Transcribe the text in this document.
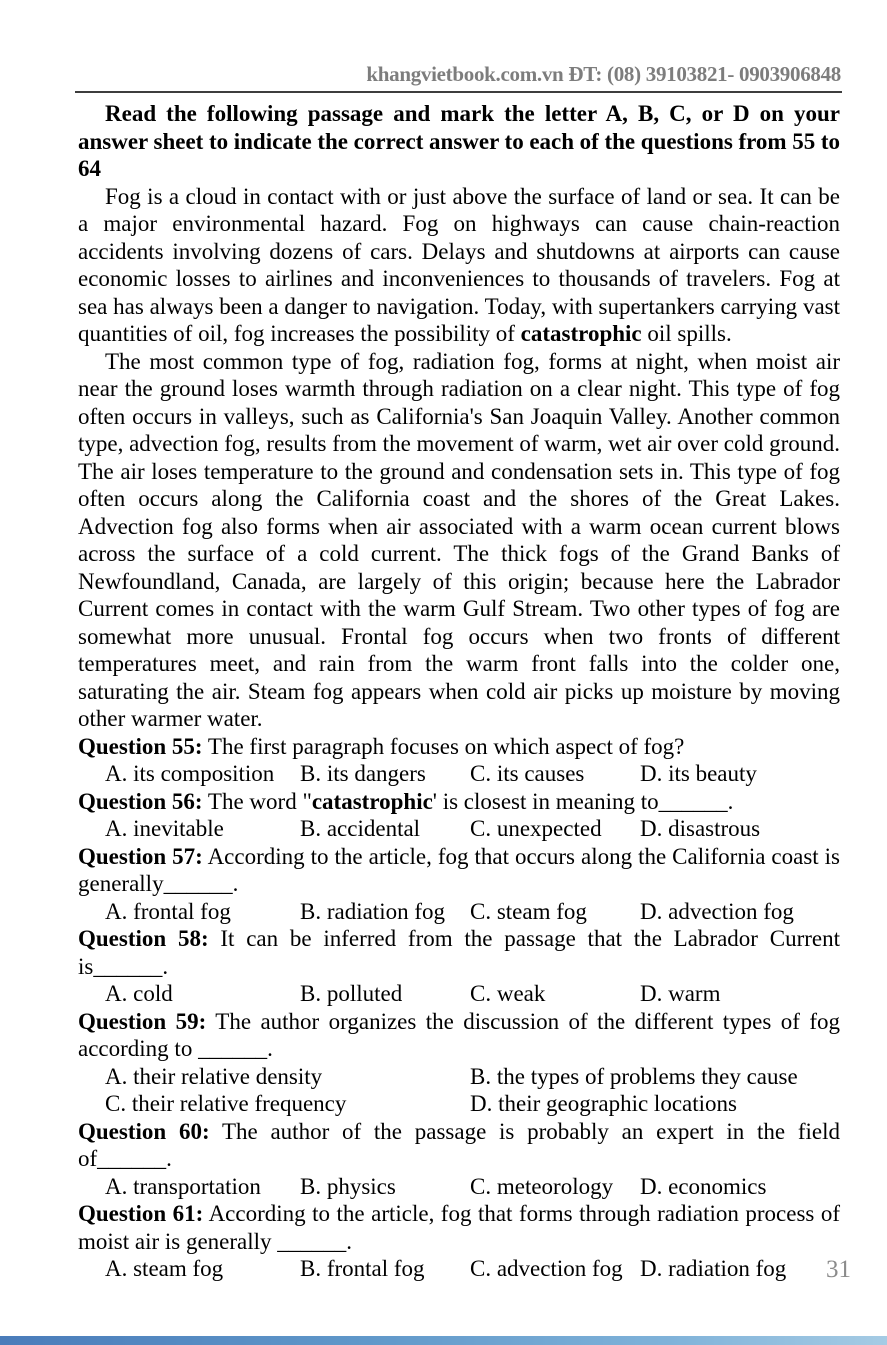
khangvietbook.com.vn ĐT: (08) 39103821- 0903906848

Read the following passage and mark the letter A, B, C, or D on your answer sheet to indicate the correct answer to each of the questions from 55 to 64

Fog is a cloud in contact with or just above the surface of land or sea. It can be a major environmental hazard. Fog on highways can cause chain-reaction accidents involving dozens of cars. Delays and shutdowns at airports can cause economic losses to airlines and inconveniences to thousands of travelers. Fog at sea has always been a danger to navigation. Today, with supertankers carrying vast quantities of oil, fog increases the possibility of catastrophic oil spills.

The most common type of fog, radiation fog, forms at night, when moist air near the ground loses warmth through radiation on a clear night. This type of fog often occurs in valleys, such as California's San Joaquin Valley. Another common type, advection fog, results from the movement of warm, wet air over cold ground. The air loses temperature to the ground and condensation sets in. This type of fog often occurs along the California coast and the shores of the Great Lakes. Advection fog also forms when air associated with a warm ocean current blows across the surface of a cold current. The thick fogs of the Grand Banks of Newfoundland, Canada, are largely of this origin; because here the Labrador Current comes in contact with the warm Gulf Stream. Two other types of fog are somewhat more unusual. Frontal fog occurs when two fronts of different temperatures meet, and rain from the warm front falls into the colder one, saturating the air. Steam fog appears when cold air picks up moisture by moving other warmer water.

Question 55: The first paragraph focuses on which aspect of fog?

A. its composition	B. its dangers	C. its causes	D. its beauty

Question 56: The word "catastrophic' is closest in meaning to______.

A. inevitable	B. accidental	C. unexpected	D. disastrous

Question 57: According to the article, fog that occurs along the California coast is generally______.

A. frontal fog	B. radiation fog	C. steam fog	D. advection fog

Question 58: It can be inferred from the passage that the Labrador Current is______.

A. cold	B. polluted	C. weak	D. warm

Question 59: The author organizes the discussion of the different types of fog according to ______.

A. their relative density	B. the types of problems they cause
C. their relative frequency	D. their geographic locations

Question 60: The author of the passage is probably an expert in the field of______.

A. transportation	B. physics	C. meteorology	D. economics

Question 61: According to the article, fog that forms through radiation process of moist air is generally ______.

A. steam fog	B. frontal fog	C. advection fog D. radiation fog	31
